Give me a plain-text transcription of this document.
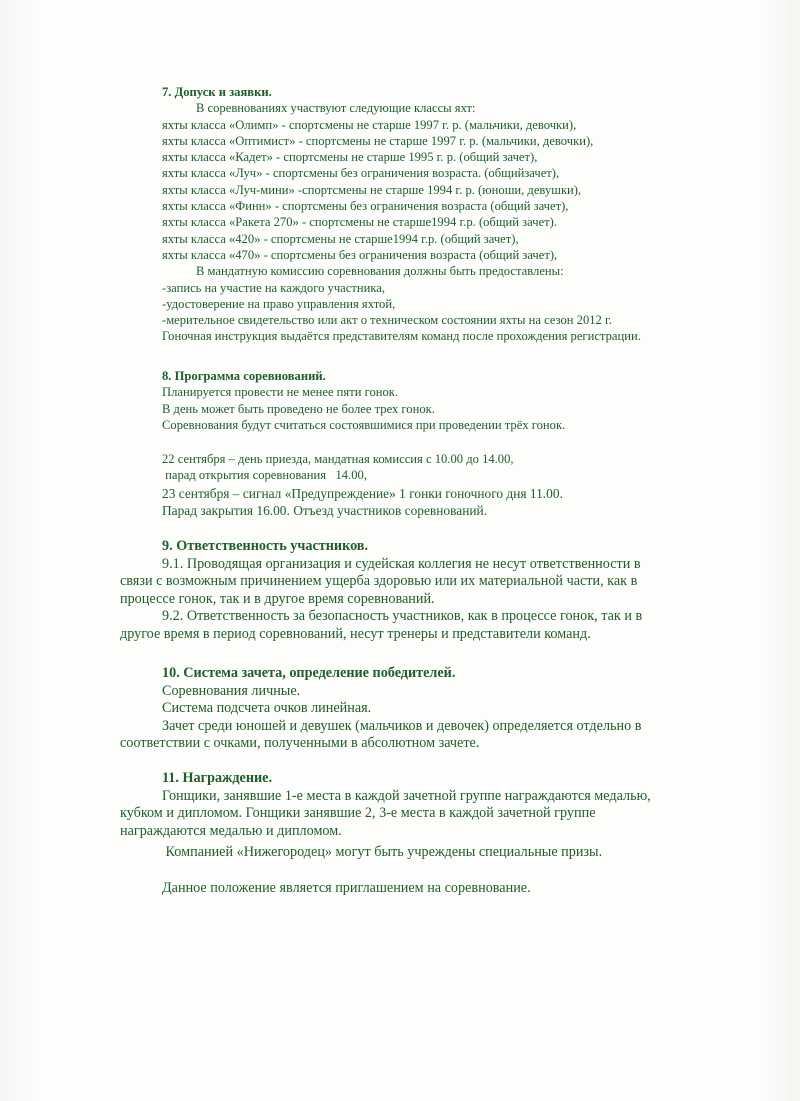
7. Допуск и заявки.
В соревнованиях участвуют следующие классы яхт:
яхты класса «Олимп» - спортсмены не старше 1997 г. р. (мальчики, девочки),
яхты класса «Оптимист» - спортсмены не старше 1997 г. р. (мальчики, девочки),
яхты класса «Кадет» - спортсмены не старше 1995 г. р. (общий зачет),
яхты класса «Луч» - спортсмены без ограничения возраста. (общийзачет),
яхты класса «Луч-мини» -спортсмены не старше 1994 г. р. (юноши, девушки),
яхты класса «Финн» - спортсмены без ограничения возраста (общий зачет),
яхты класса «Ракета 270» - спортсмены не старше1994 г.р. (общий зачет).
яхты класса «420» - спортсмены не старше1994 г.р. (общий зачет),
яхты класса «470» - спортсмены без ограничения возраста (общий зачет),
В мандатную комиссию соревнования должны быть предоставлены:
-запись на участие на каждого участника,
-удостоверение на право управления яхтой,
-мерительное свидетельство или акт о техническом состоянии яхты на сезон 2012 г.
Гоночная инструкция выдаётся представителям команд после прохождения регистрации.
8. Программа соревнований.
Планируется провести не менее пяти гонок.
В день может быть проведено не более трех гонок.
Соревнования будут считаться состоявшимися при проведении трёх гонок.
22 сентября – день приезда, мандатная комиссия с 10.00 до 14.00,
парад открытия соревнования   14.00,
23 сентября – сигнал «Предупреждение» 1 гонки гоночного дня 11.00.
Парад закрытия 16.00. Отъезд участников соревнований.
9. Ответственность участников.
9.1. Проводящая организация и судейская коллегия не несут ответственности в
связи с возможным причинением ущерба здоровью или их материальной части, как в
процессе гонок, так и в другое время соревнований.
9.2. Ответственность за безопасность участников, как в процессе гонок, так и в
другое время в период соревнований, несут тренеры и представители команд.
10. Система зачета, определение победителей.
Соревнования личные.
Система подсчета очков линейная.
Зачет среди юношей и девушек (мальчиков и девочек) определяется отдельно в
соответствии с очками, полученными в абсолютном зачете.
11. Награждение.
Гонщики, занявшие 1-е места в каждой зачетной группе награждаются медалью,
кубком и дипломом. Гонщики занявшие 2, 3-е места в каждой зачетной группе
награждаются медалью и дипломом.
Компанией «Нижегородец» могут быть учреждены специальные призы.
Данное положение является приглашением на соревнование.
